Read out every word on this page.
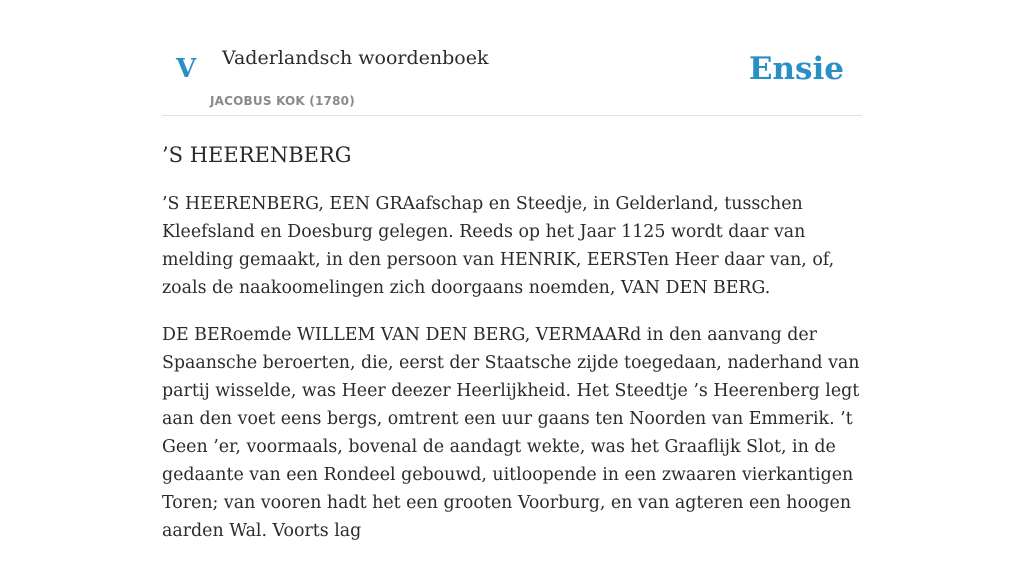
V Vaderlandsch woordenboek
JACOBUS KOK (1780)
Ensie
’S HEERENBERG

’S HEERENBERG, EEN GRAafschap en Steedje, in Gelderland, tusschen Kleefsland en Doesburg gelegen. Reeds op het Jaar 1125 wordt daar van melding gemaakt, in den persoon van HENRIK, EERSTen Heer daar van, of, zoals de naakoomelingen zich doorgaans noemden, VAN DEN BERG.

DE BERoemde WILLEM VAN DEN BERG, VERMAARd in den aanvang der Spaansche beroerten, die, eerst der Staatsche zijde toegedaan, naderhand van partij wisselde, was Heer deezer Heerlijkheid. Het Steedtje ’s Heerenberg legt aan den voet eens bergs, omtrent een uur gaans ten Noorden van Emmerik. ’t Geen ’er, voormaals, bovenal de aandagt wekte, was het Graaflijk Slot, in de gedaante van een Rondeel gebouwd, uitloopende in een zwaaren vierkantigen Toren; van vooren hadt het een grooten Voorburg, en van agteren een hoogen aarden Wal. Voorts lag
